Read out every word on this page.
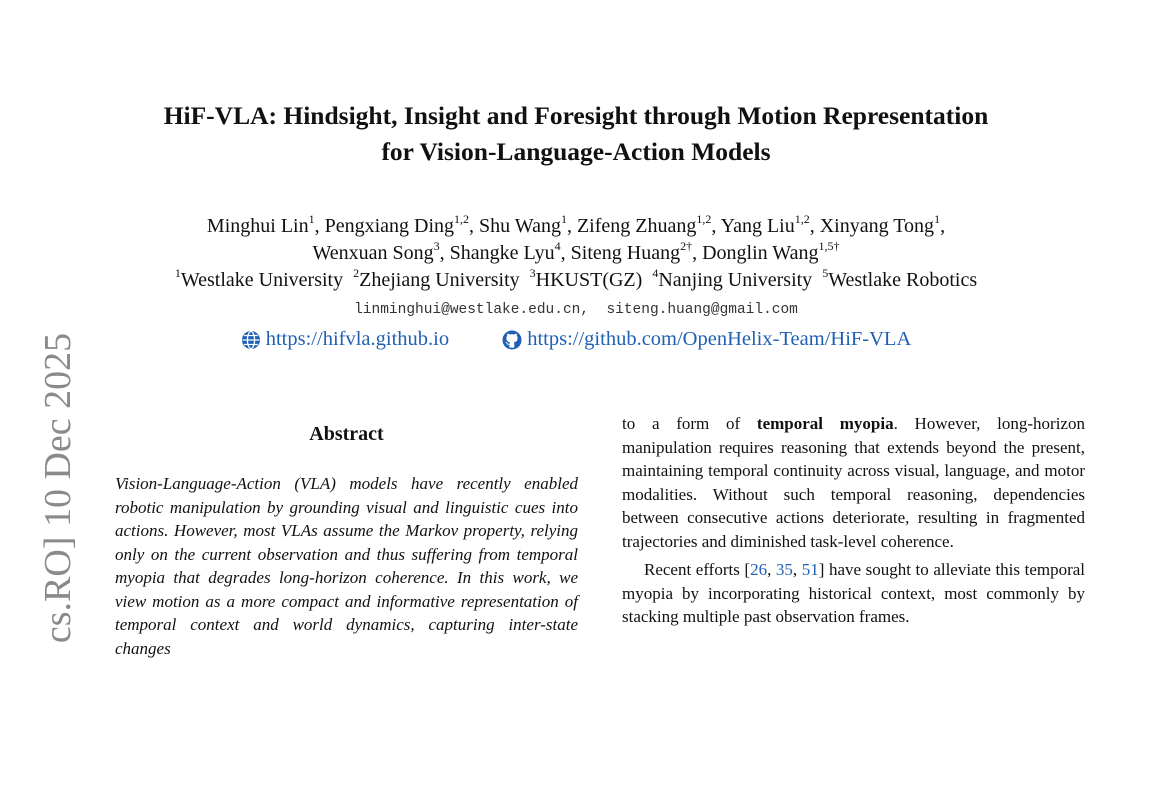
cs.RO] 10 Dec 2025
HiF-VLA: Hindsight, Insight and Foresight through Motion Representation
for Vision-Language-Action Models
Minghui Lin$^1$, Pengxiang Ding$^{1,2}$, Shu Wang$^1$, Zifeng Zhuang$^{1,2}$, Yang Liu$^{1,2}$, Xinyang Tong$^1$,
Wenxuan Song$^3$, Shangke Lyu$^4$, Siteng Huang$^{2\dagger}$, Donglin Wang$^{1,5\dagger}$
$^1$Westlake University $^2$Zhejiang University $^3$HKUST(GZ) $^4$Nanjing University $^5$Westlake Robotics
linminghui@westlake.edu.cn,  siteng.huang@gmail.com
https://hifvla.github.io
	https://github.com/OpenHelix-Team/HiF-VLA
Abstract
Vision-Language-Action (VLA) models have recently enabled robotic manipulation by grounding visual and linguistic cues into actions. However, most VLAs assume the Markov property, relying only on the current observation and thus suffering from temporal myopia that degrades long-horizon coherence. In this work, we view motion as a more compact and informative representation of temporal context and world dynamics, capturing inter-state changes

to a form of temporal myopia. However, long-horizon manipulation requires reasoning that extends beyond the present, maintaining temporal continuity across visual, language, and motor modalities. Without such temporal reasoning, dependencies between consecutive actions deteriorate, resulting in fragmented trajectories and diminished task-level coherence.

Recent efforts [26, 35, 51] have sought to alleviate this temporal myopia by incorporating historical context, most commonly by stacking multiple past observation frames.
